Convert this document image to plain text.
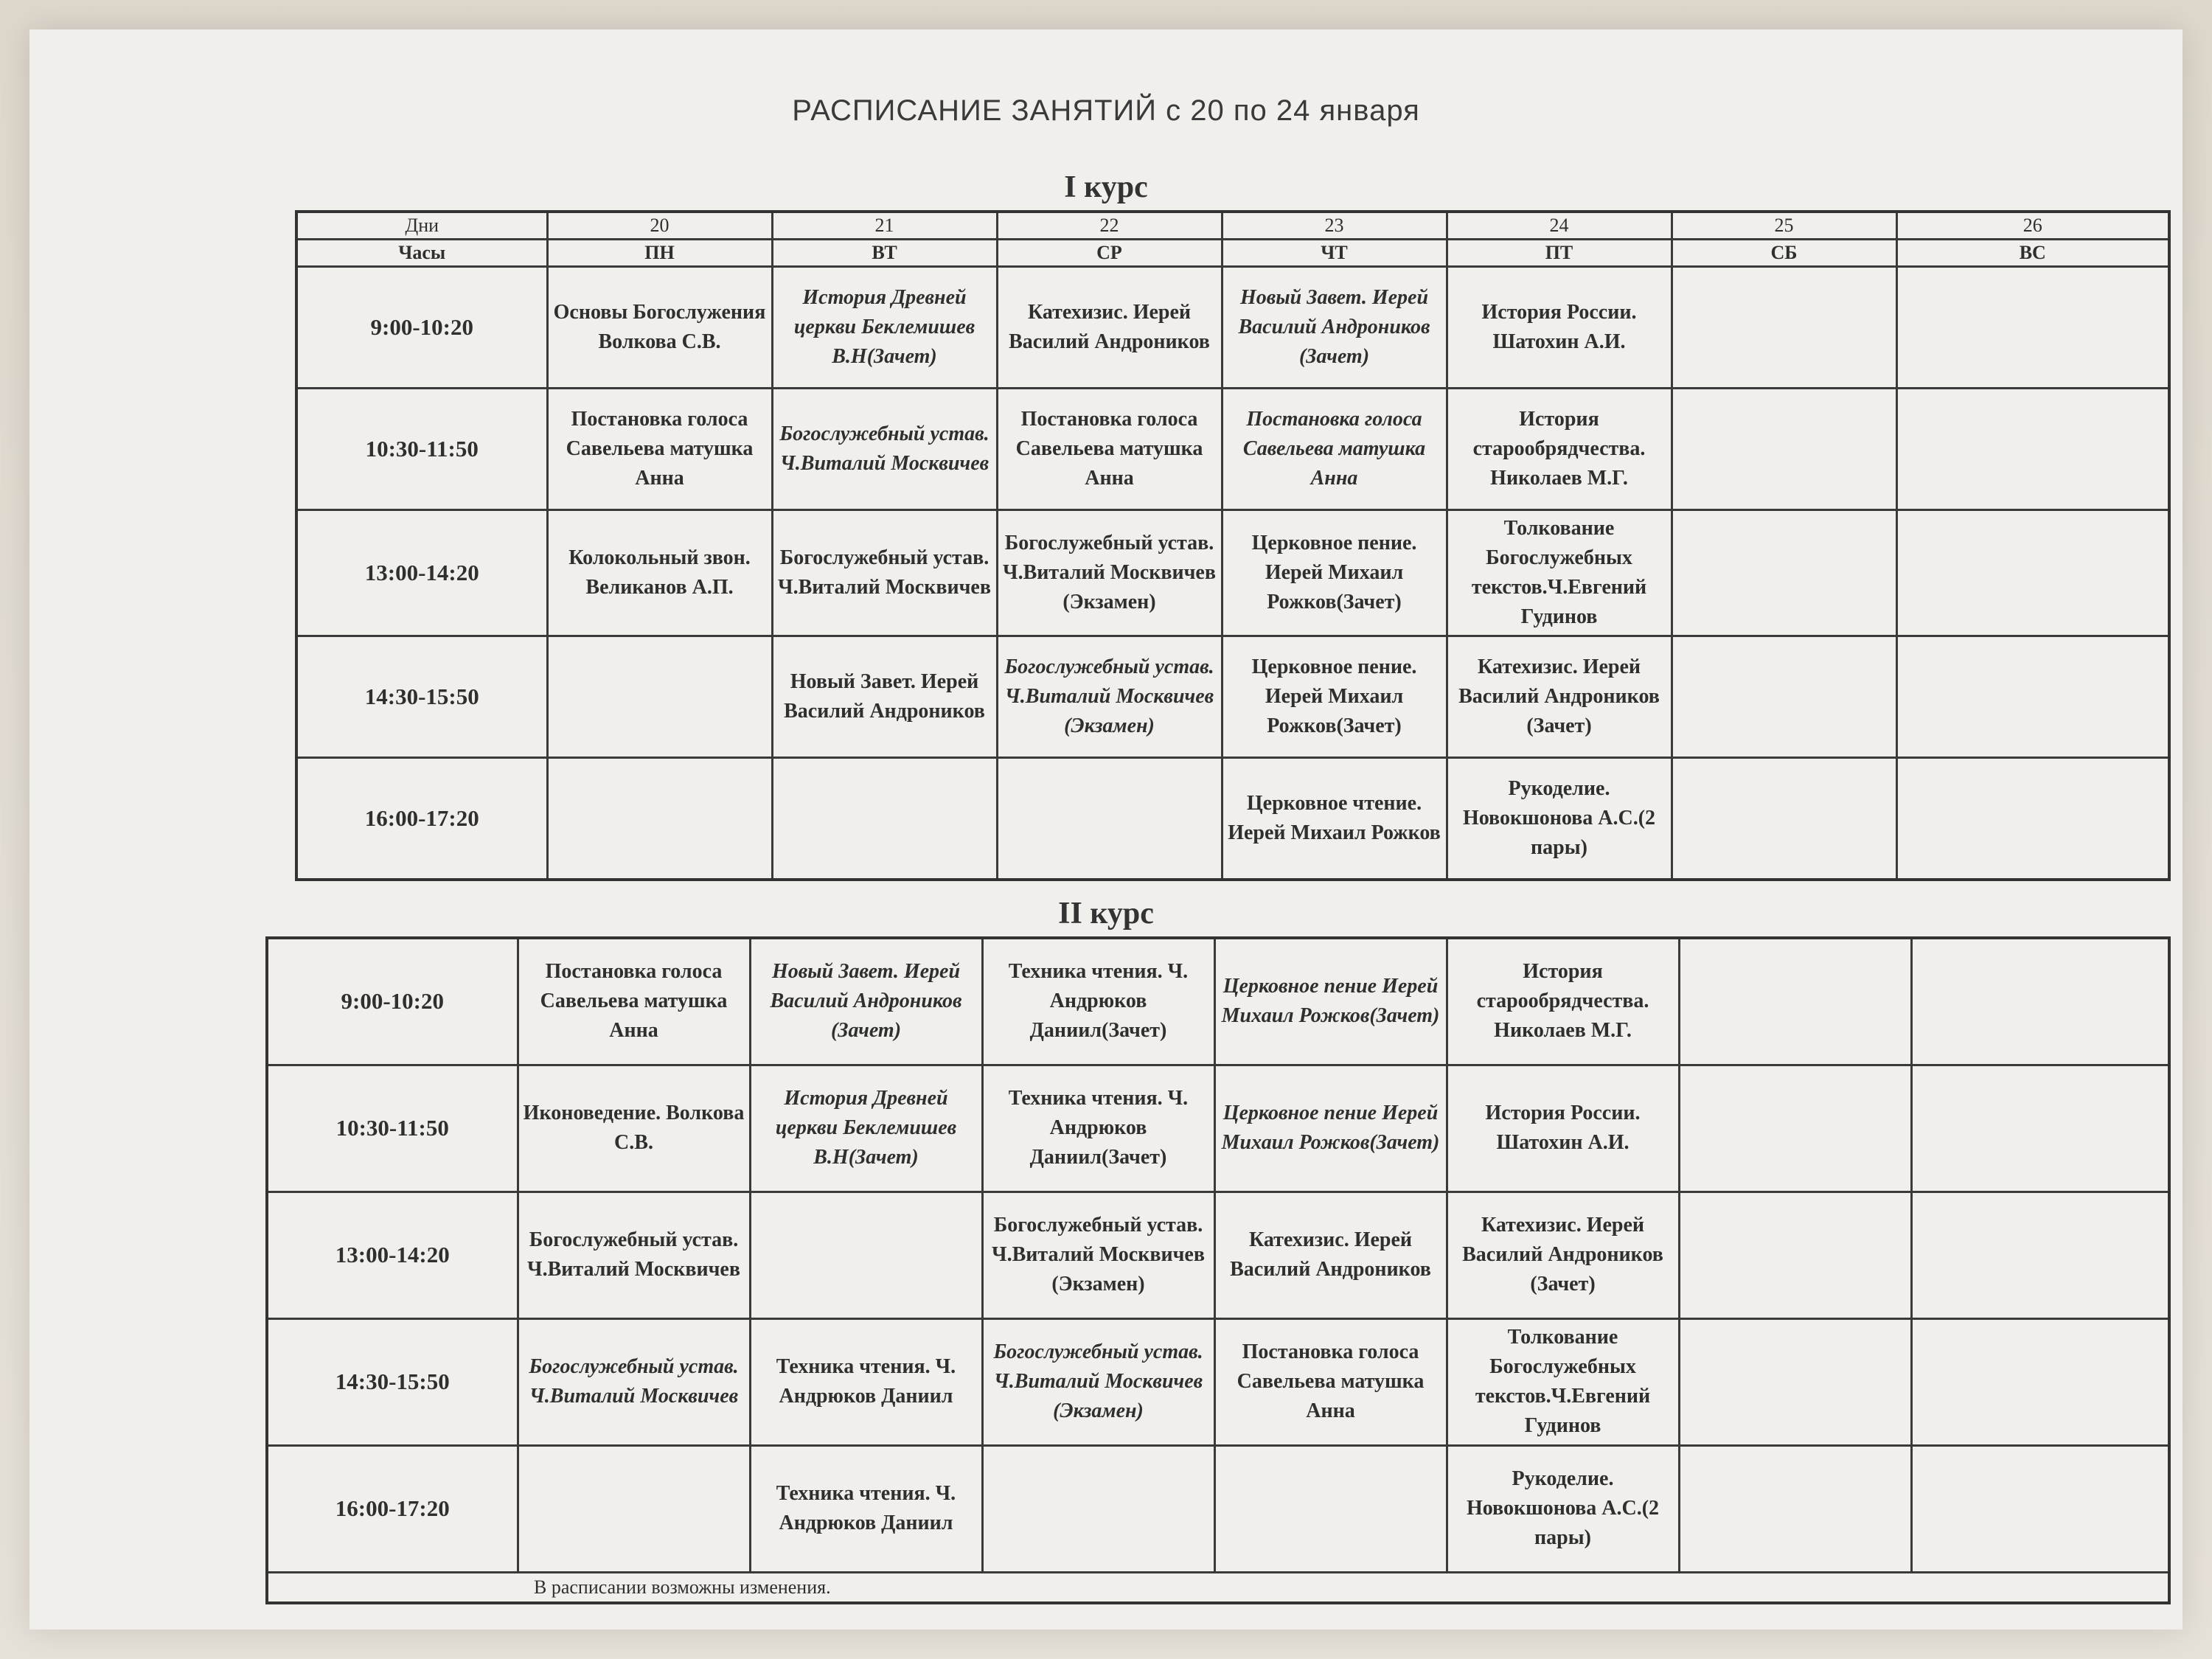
РАСПИСАНИЕ ЗАНЯТИЙ с 20 по 24 января
I курс
Дни	20	21	22	23	24	25	26
Часы	ПН	ВТ	СР	ЧТ	ПТ	СБ	ВС
9:00-10:20	Основы Богослужения Волкова С.В.	История Древней церкви Беклемишев В.Н(Зачет)	Катехизис. Иерей Василий Андроников	Новый Завет. Иерей Василий Андроников (Зачет)	История России. Шатохин А.И.		
10:30-11:50	Постановка голоса Савельева матушка Анна	Богослужебный устав. Ч.Виталий Москвичев	Постановка голоса Савельева матушка Анна	Постановка голоса Савельева матушка Анна	История старообрядчества. Николаев М.Г.		
13:00-14:20	Колокольный звон. Великанов А.П.	Богослужебный устав. Ч.Виталий Москвичев	Богослужебный устав. Ч.Виталий Москвичев (Экзамен)	Церковное пение. Иерей Михаил Рожков(Зачет)	Толкование Богослужебных текстов.Ч.Евгений Гудинов		
14:30-15:50		Новый Завет. Иерей Василий Андроников	Богослужебный устав. Ч.Виталий Москвичев (Экзамен)	Церковное пение. Иерей Михаил Рожков(Зачет)	Катехизис. Иерей Василий Андроников (Зачет)		
16:00-17:20				Церковное чтение. Иерей Михаил Рожков	Рукоделие. Новокшонова А.С.(2 пары)		
II курс
9:00-10:20	Постановка голоса Савельева матушка Анна	Новый Завет. Иерей Василий Андроников (Зачет)	Техника чтения. Ч. Андрюков Даниил(Зачет)	Церковное пение Иерей Михаил Рожков(Зачет)	История старообрядчества. Николаев М.Г.		
10:30-11:50	Иконоведение. Волкова С.В.	История Древней церкви Беклемишев В.Н(Зачет)	Техника чтения. Ч. Андрюков Даниил(Зачет)	Церковное пение Иерей Михаил Рожков(Зачет)	История России. Шатохин А.И.		
13:00-14:20	Богослужебный устав. Ч.Виталий Москвичев		Богослужебный устав. Ч.Виталий Москвичев (Экзамен)	Катехизис. Иерей Василий Андроников	Катехизис. Иерей Василий Андроников (Зачет)		
14:30-15:50	Богослужебный устав. Ч.Виталий Москвичев	Техника чтения. Ч. Андрюков Даниил	Богослужебный устав. Ч.Виталий Москвичев (Экзамен)	Постановка голоса Савельева матушка Анна	Толкование Богослужебных текстов.Ч.Евгений Гудинов		
16:00-17:20		Техника чтения. Ч. Андрюков Даниил			Рукоделие. Новокшонова А.С.(2 пары)		
В расписании возможны изменения.							
